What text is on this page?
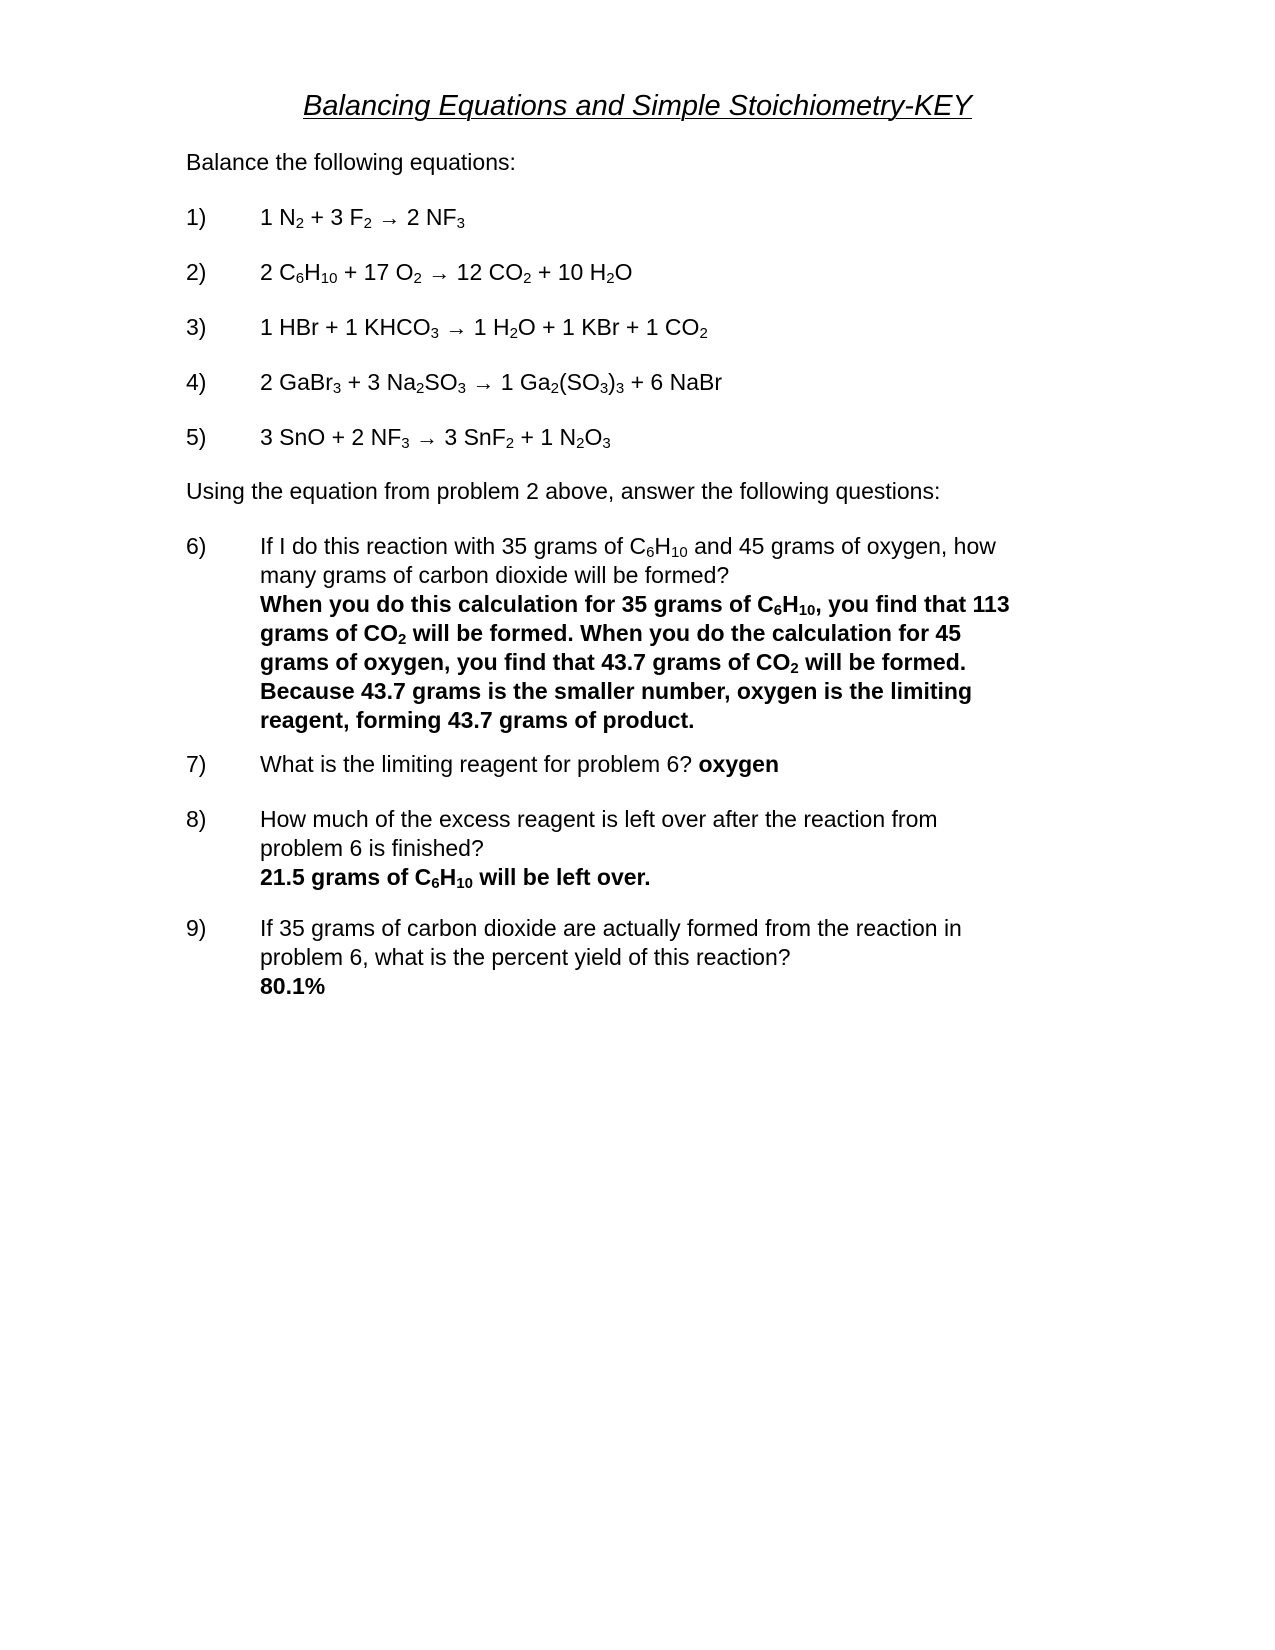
Balancing Equations and Simple Stoichiometry-KEY
Balance the following equations:
1)	1 $N_2 + 3$ $F_2 \to 2$ $NF_3$
2)	2 $C_6H_{10} + 17$ $O_2 \to 12$ $CO_2 + 10$ $H_2O$
3)	1 HBr + 1 $KHCO_3 \to 1$ $H_2O + 1$ KBr + 1 $CO_2$
4)	2 GaBr$_3$ + 3 $Na_2SO_3 \to 1$ $Ga_2(SO_3)_3 + 6$ NaBr
5)	3 SnO + 2 $NF_3 \to 3$ SnF$_2$ + 1 $N_2O_3$
Using the equation from problem 2 above, answer the following questions:
6)	If I do this reaction with 35 grams of $C_6H_{10}$ and 45 grams of oxygen, how
many grams of carbon dioxide will be formed?
When you do this calculation for 35 grams of $C_6H_{10}$, you find that 113
grams of $CO_2$ will be formed. When you do the calculation for 45
grams of oxygen, you find that 43.7 grams of $CO_2$ will be formed.
Because 43.7 grams is the smaller number, oxygen is the limiting
reagent, forming 43.7 grams of product.
7)	What is the limiting reagent for problem 6? oxygen
8)	How much of the excess reagent is left over after the reaction from
problem 6 is finished?
21.5 grams of $C_6H_{10}$ will be left over.
9)	If 35 grams of carbon dioxide are actually formed from the reaction in
problem 6, what is the percent yield of this reaction?
80.1%
